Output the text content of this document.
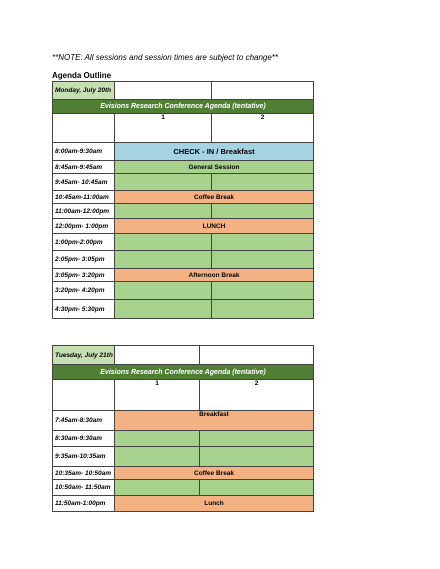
**NOTE: All sessions and session times are subject to change**
Agenda Outline
Monday, July 20th		
Evisions Research Conference Agenda (tentative)		
	1	2
8:00am-9:30am	CHECK - IN / Breakfast	
8:45am-9:45am	General Session	
9:45am- 10:45am		
10:45am-11:00am	Coffee Break	
11:00am-12:00pm		
12:00pm- 1:00pm	LUNCH	
1:00pm-2:00pm		
2:05pm- 3:05pm		
3:05pm- 3:20pm	Afternoon Break	
3:20pm- 4:20pm		
4:30pm- 5:30pm		
Tuesday, July 21th		
Evisions Research Conference Agenda (tentative)		
	1	2
7:45am-8:30am	Breakfast	
8:30am-9:30am		
9:35am-10:35am		
10:35am- 10:50am	Coffee Break	
10:50am- 11:50am		
11:50am-1:00pm	Lunch	
